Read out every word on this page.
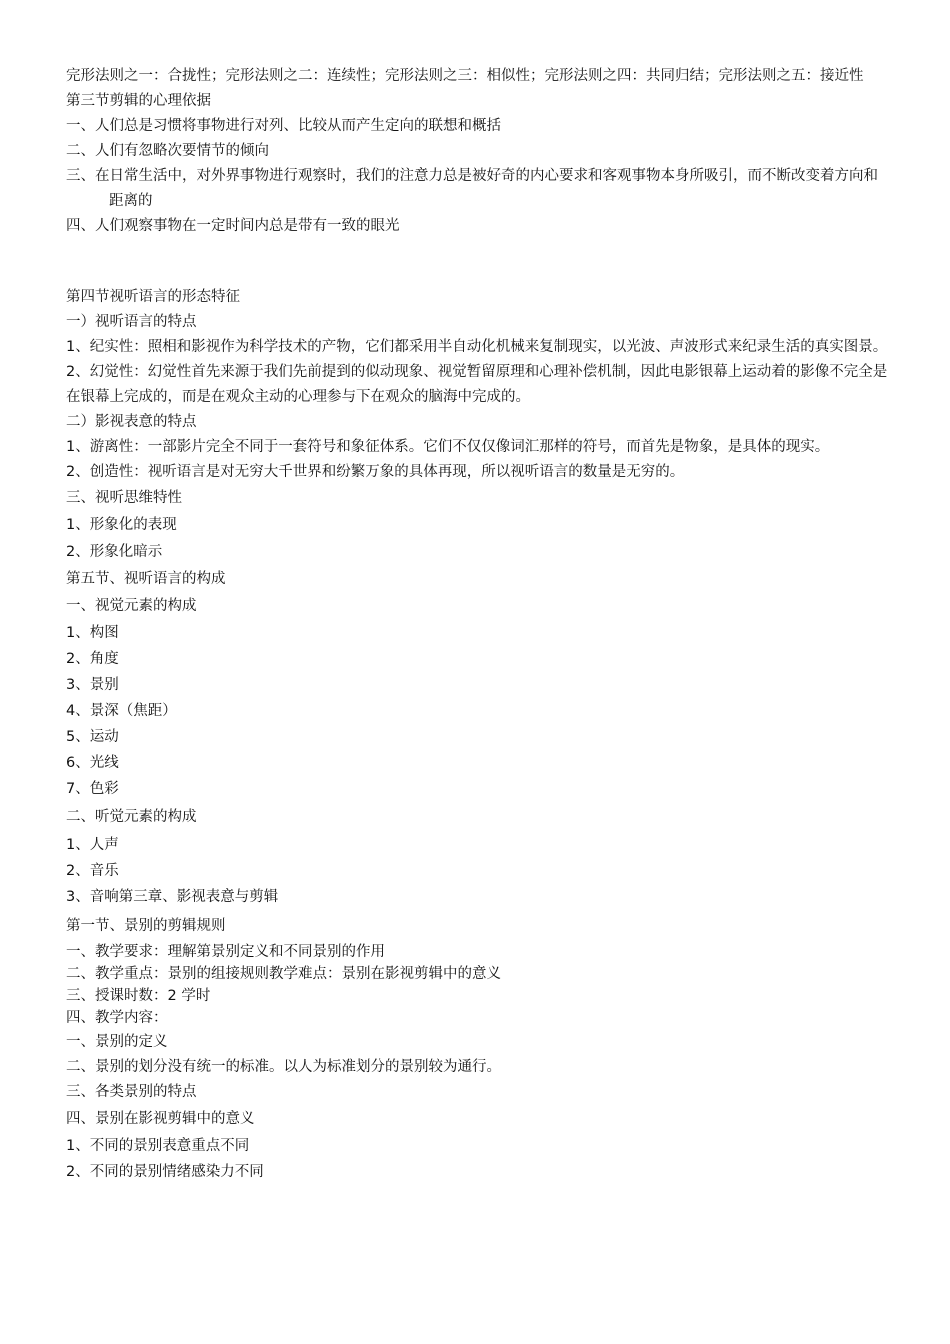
完形法则之一：合拢性；完形法则之二：连续性；完形法则之三：相似性；完形法则之四：共同归结；完形法则之五：接近性

第三节剪辑的心理依据

一、人们总是习惯将事物进行对列、比较从而产生定向的联想和概括

二、人们有忽略次要情节的倾向

三、在日常生活中，对外界事物进行观察时，我们的注意力总是被好奇的内心要求和客观事物本身所吸引，而不断改变着方向和距离的

四、人们观察事物在一定时间内总是带有一致的眼光

第四节视听语言的形态特征

一）视听语言的特点

1、纪实性：照相和影视作为科学技术的产物，它们都采用半自动化机械来复制现实，以光波、声波形式来纪录生活的真实图景。

2、幻觉性：幻觉性首先来源于我们先前提到的似动现象、视觉暂留原理和心理补偿机制，因此电影银幕上运动着的影像不完全是在银幕上完成的，而是在观众主动的心理参与下在观众的脑海中完成的。

二）影视表意的特点

1、游离性：一部影片完全不同于一套符号和象征体系。它们不仅仅像词汇那样的符号，而首先是物象，是具体的现实。

2、创造性：视听语言是对无穷大千世界和纷繁万象的具体再现，所以视听语言的数量是无穷的。

三、视听思维特性

1、形象化的表现

2、形象化暗示

第五节、视听语言的构成

一、视觉元素的构成

1、构图

2、角度

3、景别

4、景深（焦距）

5、运动

6、光线

7、色彩

二、听觉元素的构成

1、人声

2、音乐

3、音响第三章、影视表意与剪辑

第一节、景别的剪辑规则

一、教学要求：理解第景别定义和不同景别的作用

二、教学重点：景别的组接规则教学难点：景别在影视剪辑中的意义

三、授课时数：2 学时

四、教学内容：

一、景别的定义

二、景别的划分没有统一的标准。以人为标准划分的景别较为通行。

三、各类景别的特点

四、景别在影视剪辑中的意义

1、不同的景别表意重点不同

2、不同的景别情绪感染力不同
